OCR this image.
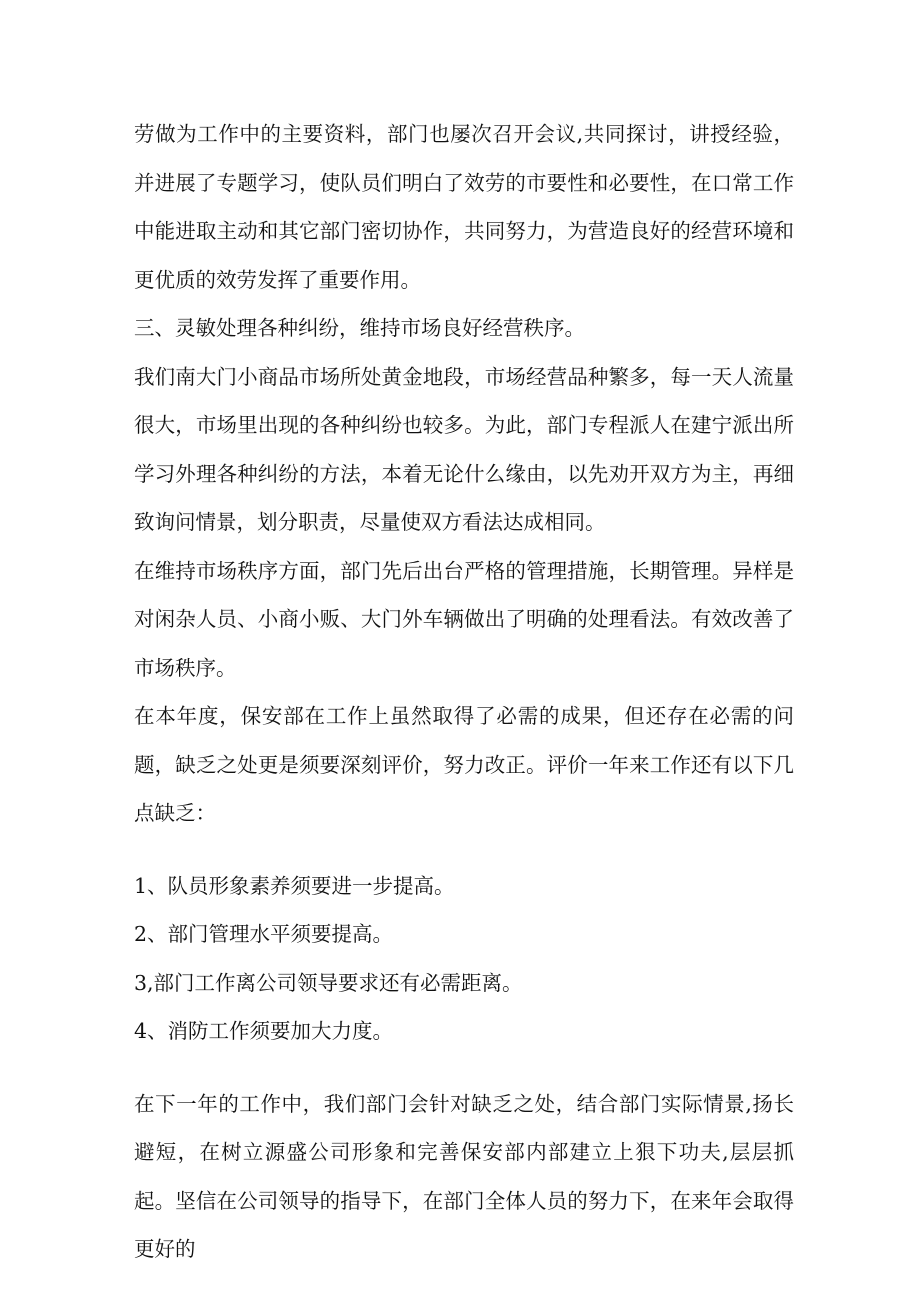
劳做为工作中的主要资料，部门也屡次召开会议,共同探讨，讲授经验，并进展了专题学习，使队员们明白了效劳的市要性和必要性，在口常工作中能进取主动和其它部门密切协作，共同努力，为营造良好的经营环境和更优质的效劳发挥了重要作用。

三、灵敏处理各种纠纷，维持市场良好经营秩序。

我们南大门小商品市场所处黄金地段，市场经营品种繁多，每一天人流量很大，市场里出现的各种纠纷也较多。为此，部门专程派人在建宁派出所学习外理各种纠纷的方法，本着无论什么缘由，以先劝开双方为主，再细致询问情景，划分职责，尽量使双方看法达成相同。

在维持市场秩序方面，部门先后出台严格的管理措施，长期管理。异样是对闲杂人员、小商小贩、大门外车辆做出了明确的处理看法。有效改善了市场秩序。

在本年度，保安部在工作上虽然取得了必需的成果，但还存在必需的问题，缺乏之处更是须要深刻评价，努力改正。评价一年来工作还有以下几点缺乏：

1、队员形象素养须要进一步提高。

2、部门管理水平须要提高。

3,部门工作离公司领导要求还有必需距离。

4、消防工作须要加大力度。

在下一年的工作中，我们部门会针对缺乏之处，结合部门实际情景,扬长避短，在树立源盛公司形象和完善保安部内部建立上狠下功夫,层层抓起。坚信在公司领导的指导下，在部门全体人员的努力下，在来年会取得更好的
